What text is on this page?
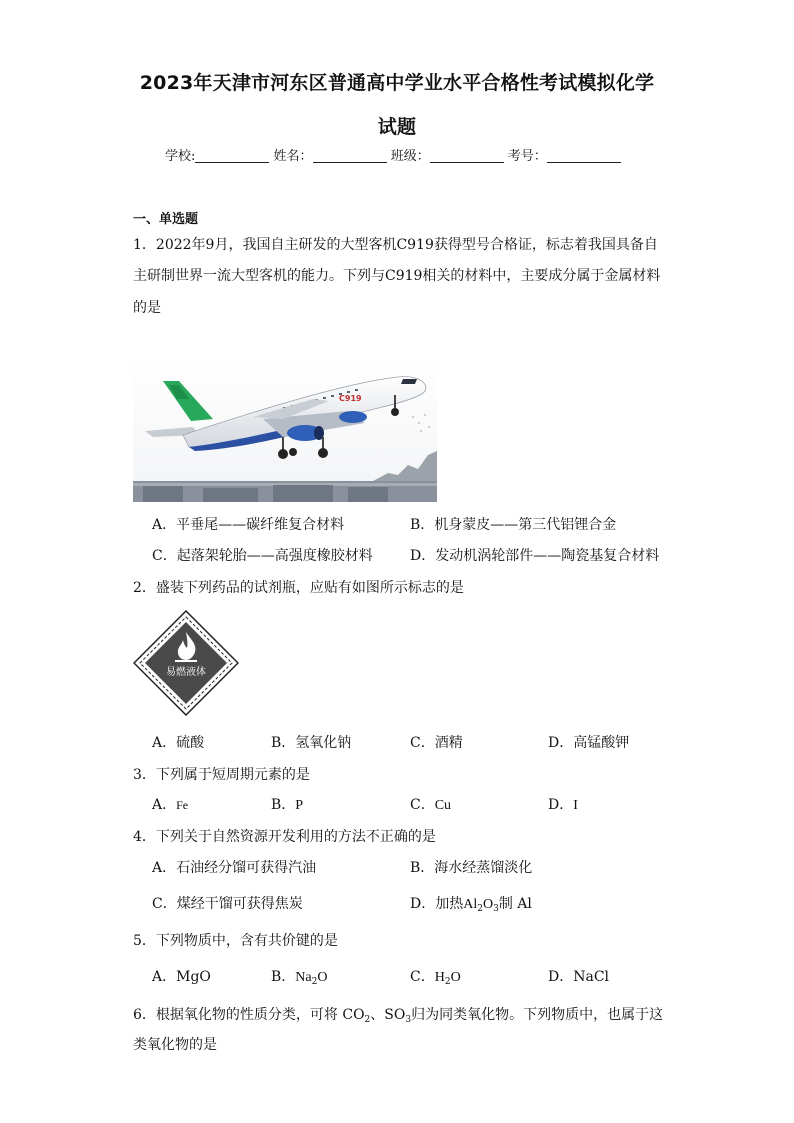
2023年天津市河东区普通高中学业水平合格性考试模拟化学
试题
学校:	姓名：	班级：	考号：
一、单选题
1．2022年9月，我国自主研发的大型客机C919获得型号合格证，标志着我国具备自
主研制世界一流大型客机的能力。下列与C919相关的材料中，主要成分属于金属材料
的是
C919
A．平垂尾——碳纤维复合材料	B．机身蒙皮——第三代铝锂合金
C．起落架轮胎——高强度橡胶材料	D．发动机涡轮部件——陶瓷基复合材料
2．盛装下列药品的试剂瓶，应贴有如图所示标志的是
易燃液体
A．硫酸	B．氢氧化钠	C．酒精	D．高锰酸钾
3．下列属于短周期元素的是
A．Fe	B．P	C．Cu	D．I
4．下列关于自然资源开发利用的方法不正确的是
A．石油经分馏可获得汽油	B．海水经蒸馏淡化
C．煤经干馏可获得焦炭	D．加热$Al_2O_3$制 Al
5．下列物质中，含有共价键的是
A．MgO	B．$Na_2O$	C．$H_2O$	D．NaCl
6．根据氧化物的性质分类，可将 $CO_2$、$SO_3$归为同类氧化物。下列物质中，也属于这
类氧化物的是
